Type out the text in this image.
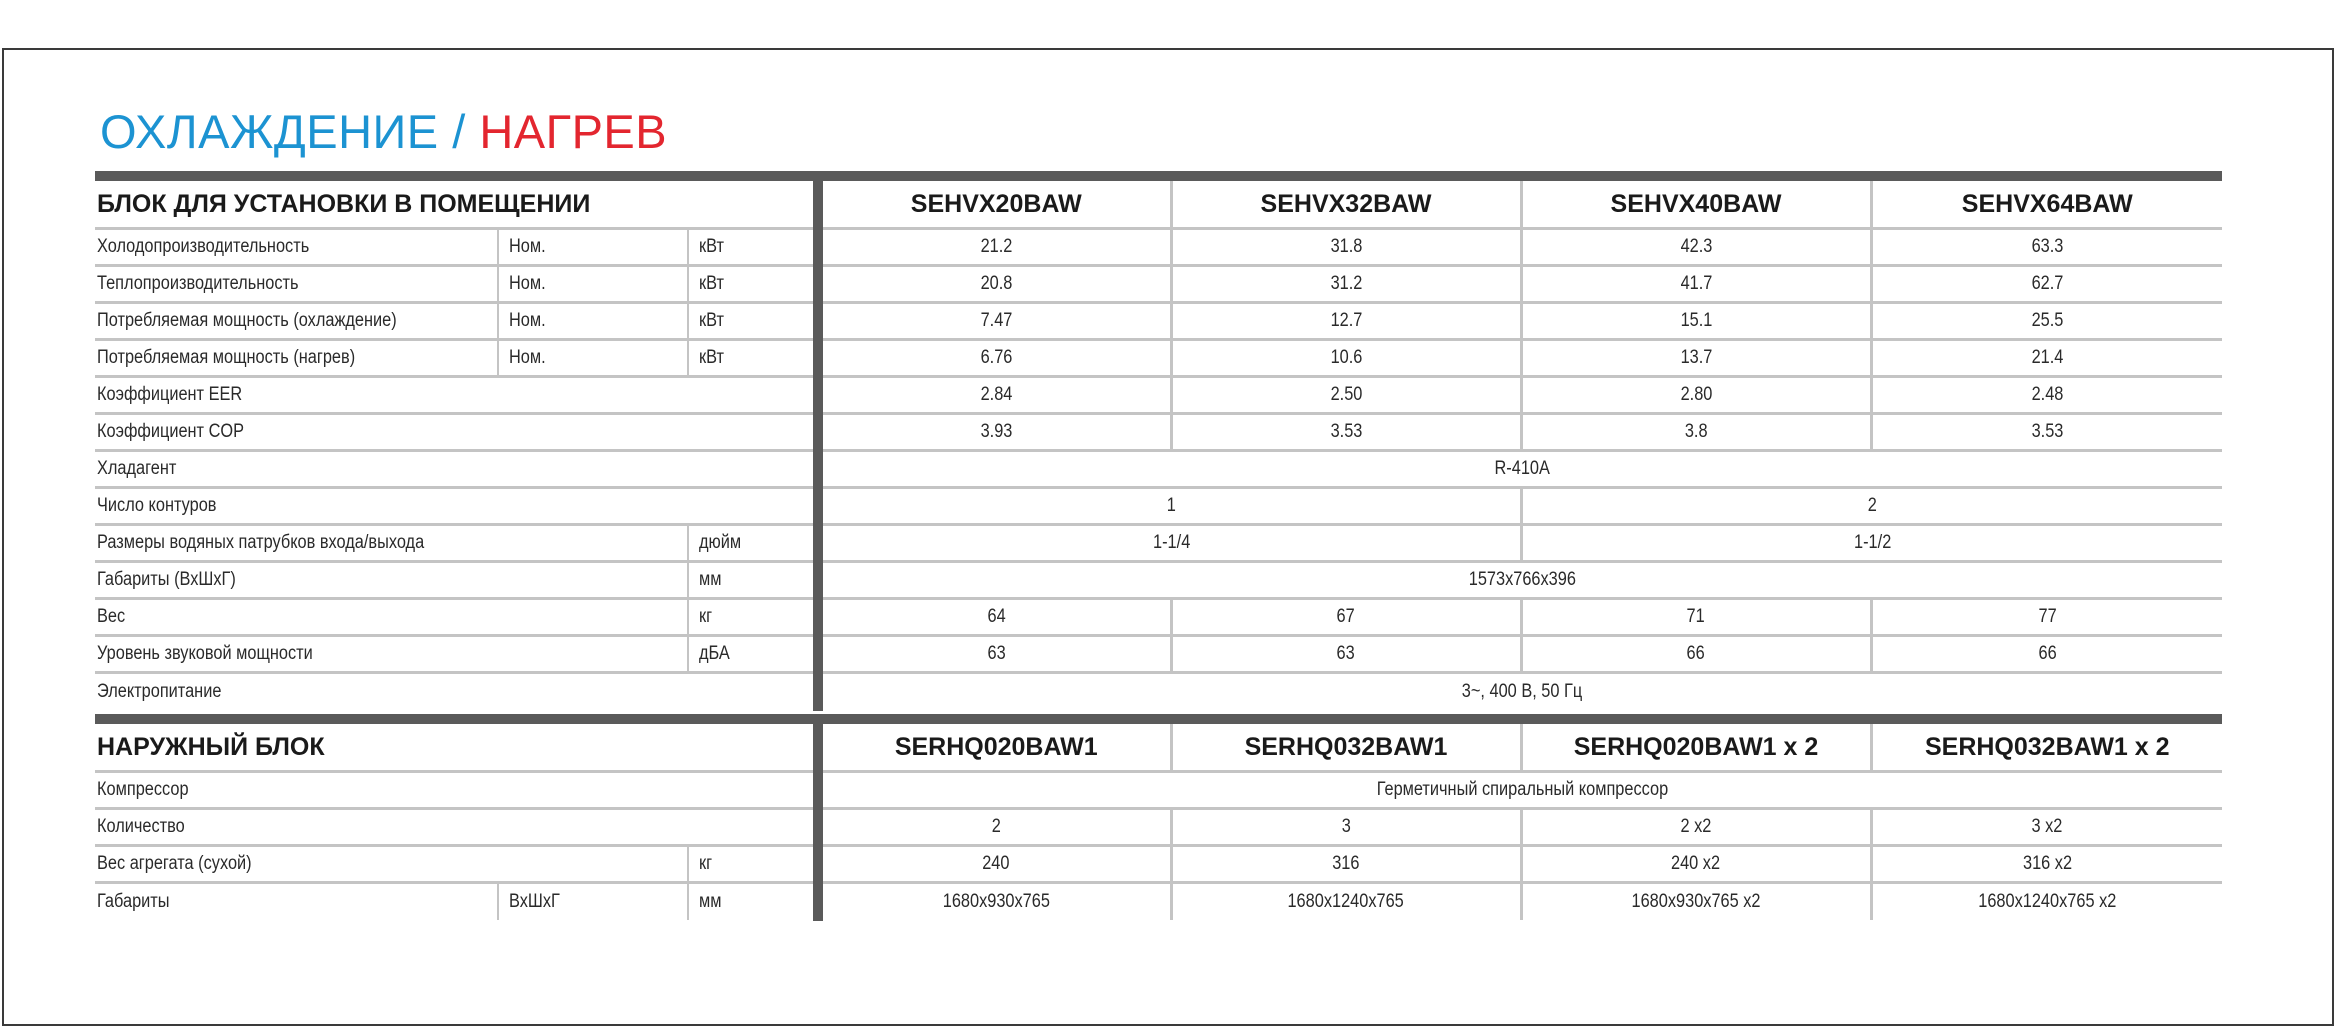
ОХЛАЖДЕНИЕ / НАГРЕВ
БЛОК ДЛЯ УСТАНОВКИ В ПОМЕЩЕНИИ				SEHVX20BAW	SEHVX32BAW	SEHVX40BAW	SEHVX64BAW
Холодопроизводительность	Ном.	кВт		21.2	31.8	42.3	63.3
Теплопроизводительность	Ном.	кВт		20.8	31.2	41.7	62.7
Потребляемая мощность (охлаждение)	Ном.	кВт		7.47	12.7	15.1	25.5
Потребляемая мощность (нагрев)	Ном.	кВт		6.76	10.6	13.7	21.4
Коэффициент EER				2.84	2.50	2.80	2.48
Коэффициент COP				3.93	3.53	3.8	3.53
Хладагент				R-410A			
Число контуров				1		2	
Размеры водяных патрубков входа/выхода		дюйм		1-1/4		1-1/2	
Габариты (ВхШхГ)		мм		1573x766x396			
Вес		кг		64	67	71	77
Уровень звуковой мощности		дБА		63	63	66	66
Электропитание				3~, 400 В, 50 Гц			
НАРУЖНЫЙ БЛОК				SERHQ020BAW1	SERHQ032BAW1	SERHQ020BAW1 x 2	SERHQ032BAW1 x 2
Компрессор				Герметичный спиральный компрессор			
Количество				2	3	2 x2	3 x2
Вес агрегата (сухой)		кг		240	316	240 x2	316 x2
Габариты	ВхШхГ	мм		1680x930x765	1680x1240x765	1680x930x765 x2	1680x1240x765 x2
